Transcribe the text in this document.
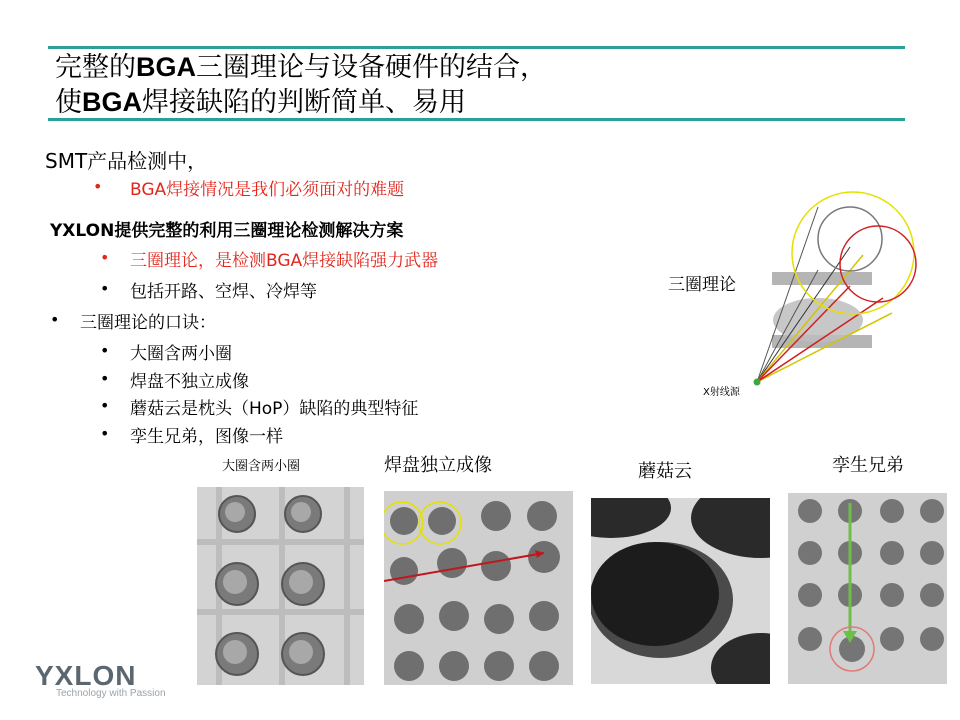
完整的BGA三圈理论与设备硬件的结合，
使BGA焊接缺陷的判断简单、易用
SMT产品检测中，
• BGA焊接情况是我们必须面对的难题
YXLON提供完整的利用三圈理论检测解决方案
• 三圈理论，是检测BGA焊接缺陷强力武器
• 包括开路、空焊、冷焊等
• 三圈理论的口诀：
• 大圈含两小圈
• 焊盘不独立成像
• 蘑菇云是枕头（HoP）缺陷的典型特征
• 孪生兄弟，图像一样
三圈理论
X射线源
大圈含两小圈	焊盘独立成像	蘑菇云	孪生兄弟
YXLON
Technology with Passion
